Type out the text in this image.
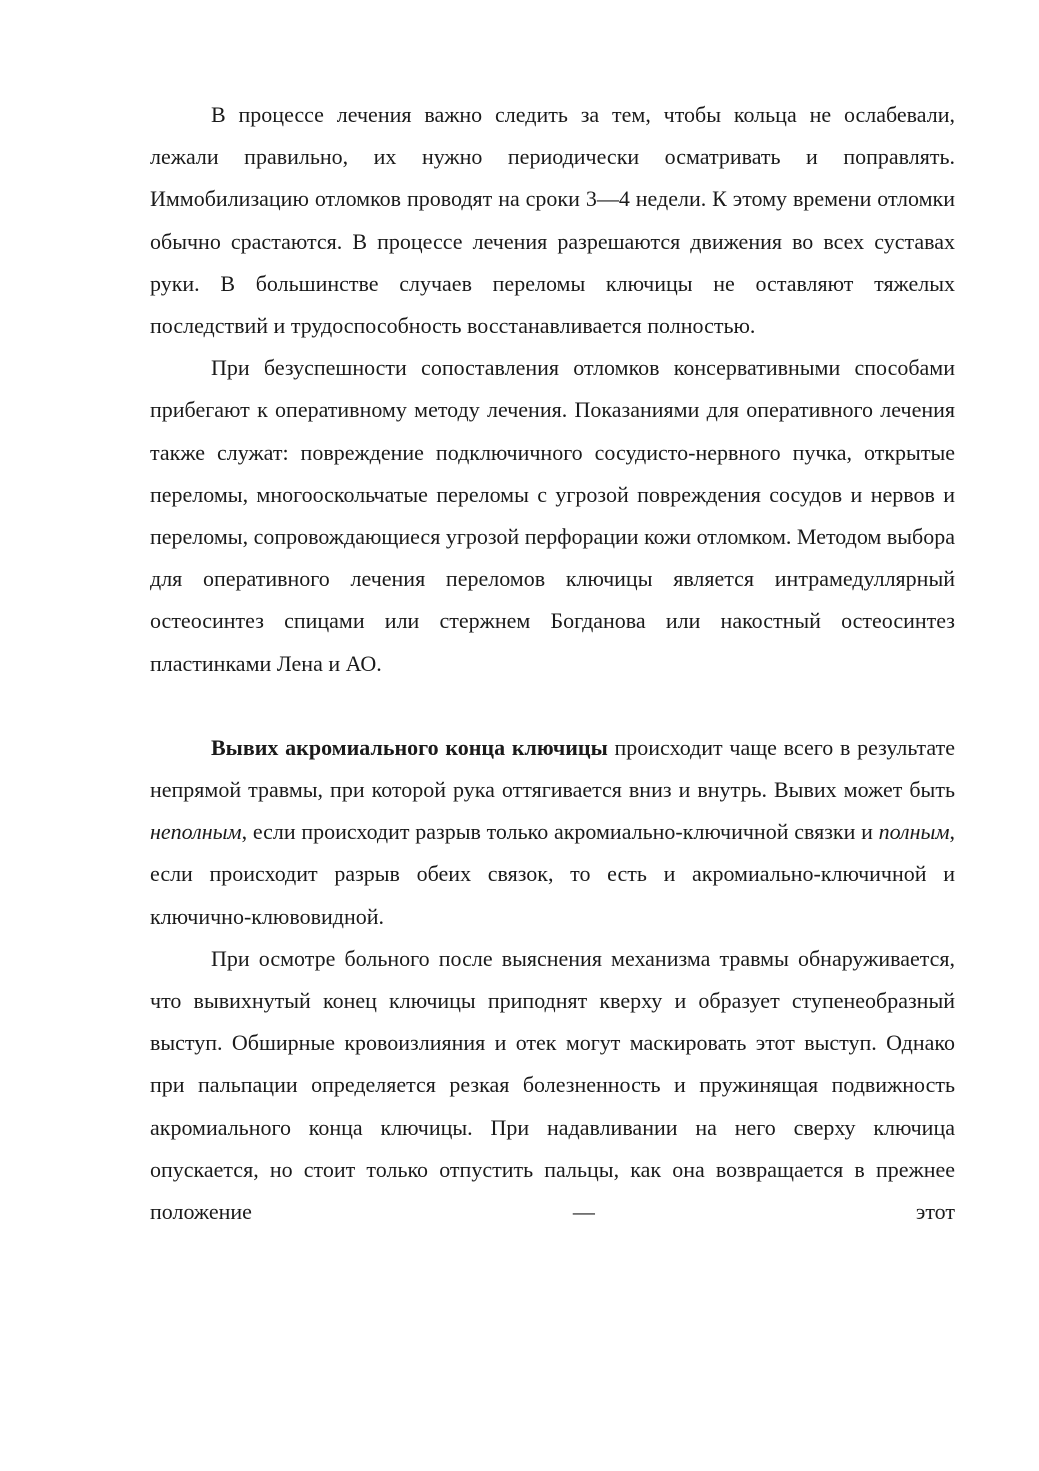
В процессе лечения важно следить за тем, чтобы кольца не ослабевали, лежали правильно, их нужно периодически осматривать и поправлять. Иммобилизацию отломков проводят на сроки 3—4 недели. К этому времени отломки обычно срастаются. В процессе лечения разрешаются движения во всех суставах руки. В большинстве случаев переломы ключицы не оставляют тяжелых последствий и трудоспособность восстанавливается полностью.

При безуспешности сопоставления отломков консервативными способами прибегают к оперативному методу лечения. Показаниями для оперативного лечения также служат: повреждение подключичного сосудисто-нервного пучка, открытые переломы, многооскольчатые переломы с угрозой повреждения сосудов и нервов и переломы, сопровождающиеся угрозой перфорации кожи отломком. Методом выбора для оперативного лечения переломов ключицы является интрамедуллярный остеосинтез спицами или стержнем Богданова или накостный остеосинтез пластинками Лена и АО.

Вывих акромиального конца ключицы происходит чаще всего в результате непрямой травмы, при которой рука оттягивается вниз и внутрь. Вывих может быть неполным, если происходит разрыв только акромиально-ключичной связки и полным, если происходит разрыв обеих связок, то есть и акромиально-ключичной и ключично-клювовидной.

При осмотре больного после выяснения механизма травмы обнаруживается, что вывихнутый конец ключицы приподнят кверху и образует ступенеобразный выступ. Обширные кровоизлияния и отек могут маскировать этот выступ. Однако при пальпации определяется резкая болезненность и пружинящая подвижность акромиального конца ключицы. При надавливании на него сверху ключица опускается, но стоит только отпустить пальцы, как она возвращается в прежнее положение — этот
